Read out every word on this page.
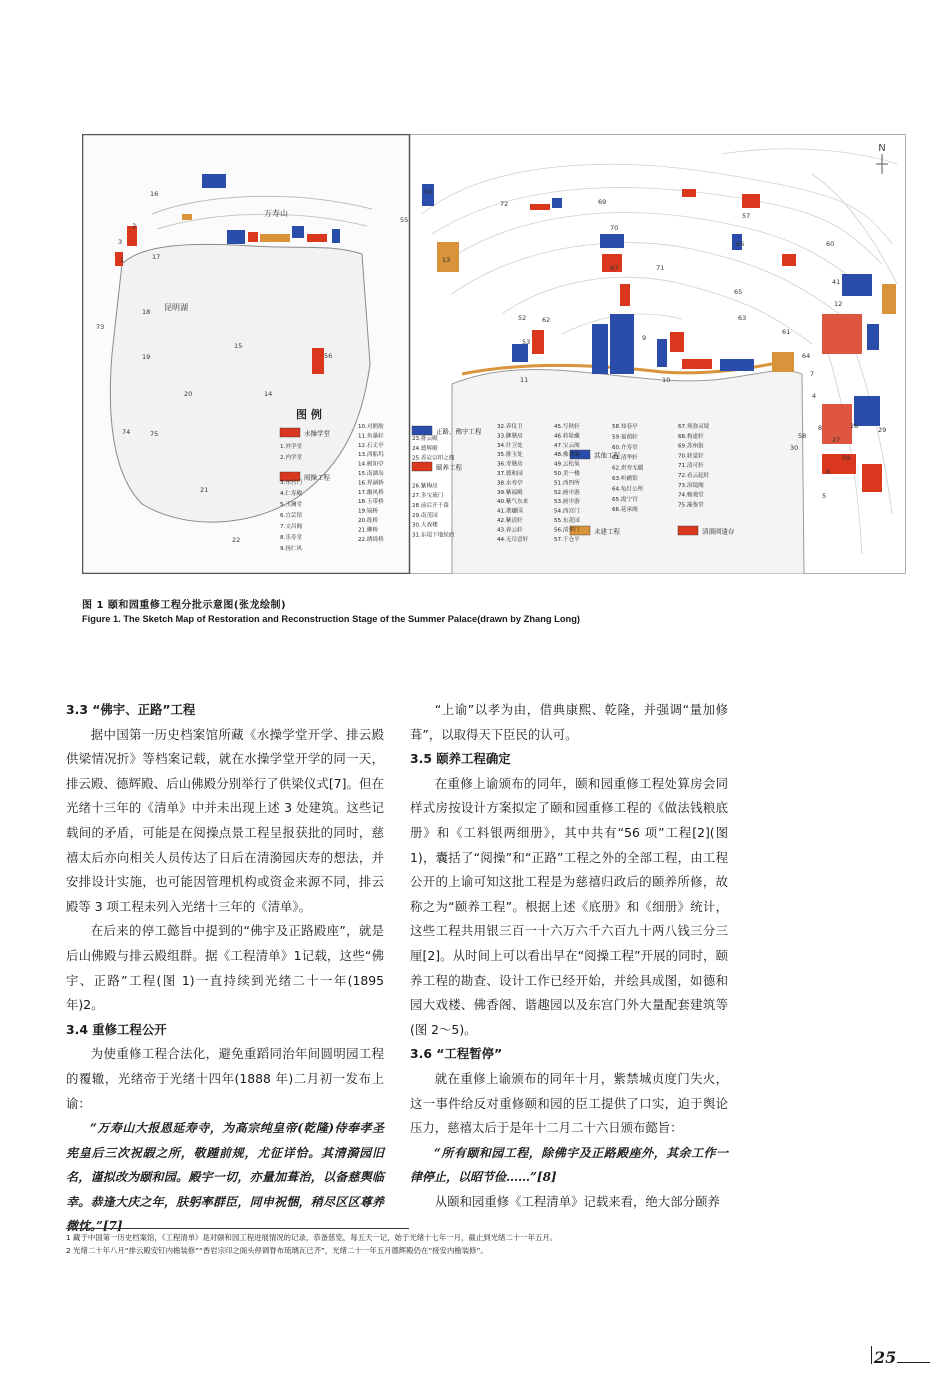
N
万寿山
昆明湖
图 例
1
2
3
16
17
18
19
73
15
56
20	14
74	75
21
22
54
55
13
72	69
67
70
71
66
57
65
63
60
61
62
52
53	9
11	10
64
7
8
27
28	29
58
59
41
12
4
6
5
30
水操学堂
阅操工程
正路、佛宇工程
颐养工程
其他工程
未建工程	清漪园遗存
1.外学堂
2.内学堂
3.东宫门
4.仁寿殿
5.玉澜堂
6.宜芸馆
7.文昌阁
8.乐寿堂
9.扬仁风
10.对鸥舫
11.鱼藻轩
12.石丈亭
13.西船坞
14.树知亭
15.南湖岛
16.界湖桥
17.幽风桥
18.玉带桥
19.镜桥
20.练桥
21.柳桥
22.绣绮桥
23.排云殿
24.德辉殿
25.香岩宗印之阁
26.紫梅房
27.多宝琉门
28.前后开千幕
29.南茂园
30.大戏楼
31.东堤下地侯府
32.养仪卫
33.御膳房
34.什卫处
35.排玉处
36.寿膳房
37.德和园
38.水寿亭
39.紫福殿
40.紫气东来
41.谐趣园
42.紫清轩
43.养云轩
44.无尽意轩
45.写秋轩
46.转轮藏
47.宝云阁
48.佛香阁
49.云松巢
50.美一楼
51.西四所
52.画中游
53.画中游
54.西宫门
55.东花园
56.清华门
57.千仓平
58.知春亭
59.福荫轩
60.介寿堂
61.清华轩
62.贵寿无疆
63.听鹂馆
64.龟灯公所
65.霞宁宫
66.花承阁
67.须弥灵境
68.构虚轩
69.苏州街
70.转觉轩
71.清可轩
72.看云起时
73.治镜阁
74.畅观堂
75.藻鉴堂
图 1 颐和园重修工程分批示意图(张龙绘制)
Figure 1. The Sketch Map of Restoration and Reconstruction Stage of the Summer Palace(drawn by Zhang Long)

3.3 “佛宇、正路”工程

据中国第一历史档案馆所藏《水操学堂开学、排云殿供梁情况折》等档案记载，就在水操学堂开学的同一天，排云殿、德辉殿、后山佛殿分别举行了供梁仪式[7]。但在光绪十三年的《清单》中并未出现上述 3 处建筑。这些记载间的矛盾，可能是在阅操点景工程呈报获批的同时，慈禧太后亦向相关人员传达了日后在清漪园庆寿的想法，并安排设计实施，也可能因管理机构或资金来源不同，排云殿等 3 项工程未列入光绪十三年的《清单》。

在后来的停工懿旨中提到的“佛宇及正路殿座”，就是后山佛殿与排云殿组群。据《工程清单》1记载，这些“佛宇、正路”工程(图 1)一直持续到光绪二十一年(1895 年)2。

3.4 重修工程公开

为使重修工程合法化，避免重蹈同治年间圆明园工程的覆辙，光绪帝于光绪十四年(1888 年)二月初一发布上谕：

“万寿山大报恩延寿寺，为高宗纯皇帝(乾隆)侍奉孝圣宪皇后三次祝嘏之所，敬踵前规，尤征详恰。其清漪园旧名，谨拟改为颐和园。殿宇一切，亦量加葺治，以备慈舆临幸。恭逢大庆之年，肤躬率群臣，同申祝悃，稍尽区区尊养微忱。”[7]

“上谕”以孝为由，借典康熙、乾隆，并强调“量加修葺”，以取得天下臣民的认可。

3.5 颐养工程确定

在重修上谕颁布的同年，颐和园重修工程处算房会同样式房按设计方案拟定了颐和园重修工程的《做法钱粮底册》和《工料银两细册》，其中共有“56 项”工程[2](图 1)，囊括了“阅操”和“正路”工程之外的全部工程，由工程公开的上谕可知这批工程是为慈禧归政后的颐养所修，故称之为“颐养工程”。根据上述《底册》和《细册》统计，这些工程共用银三百一十六万六千六百九十两八钱三分三厘[2]。从时间上可以看出早在“阅操工程”开展的同时，颐养工程的勘查、设计工作已经开始，并绘具成图，如德和园大戏楼、佛香阁、谐趣园以及东宫门外大量配套建筑等(图 2～5)。

3.6 “工程暂停”

就在重修上谕颁布的同年十月，紫禁城贞度门失火，这一事件给反对重修颐和园的臣工提供了口实，迫于舆论压力，慈禧太后于是年十二月二十六日颁布懿旨：

“所有颐和园工程，除佛宇及正路殿座外，其余工作一律停止，以昭节俭……”[8]

从颐和园重修《工程清单》记载来看，绝大部分颐养

1 藏于中国第一历史档案馆，《工程清单》是对颐和园工程进展情况的记录，恭备慈览，每五天一记，始于光绪十七年一月，截止到光绪二十一年五月。
2 光绪二十年八月“排云殿安钉内檐装修”“香岩宗印之阁头停调脊布琉璃瓦已齐”，光绪二十一年五月德辉殿仍在“接安内檐装修”。
25
